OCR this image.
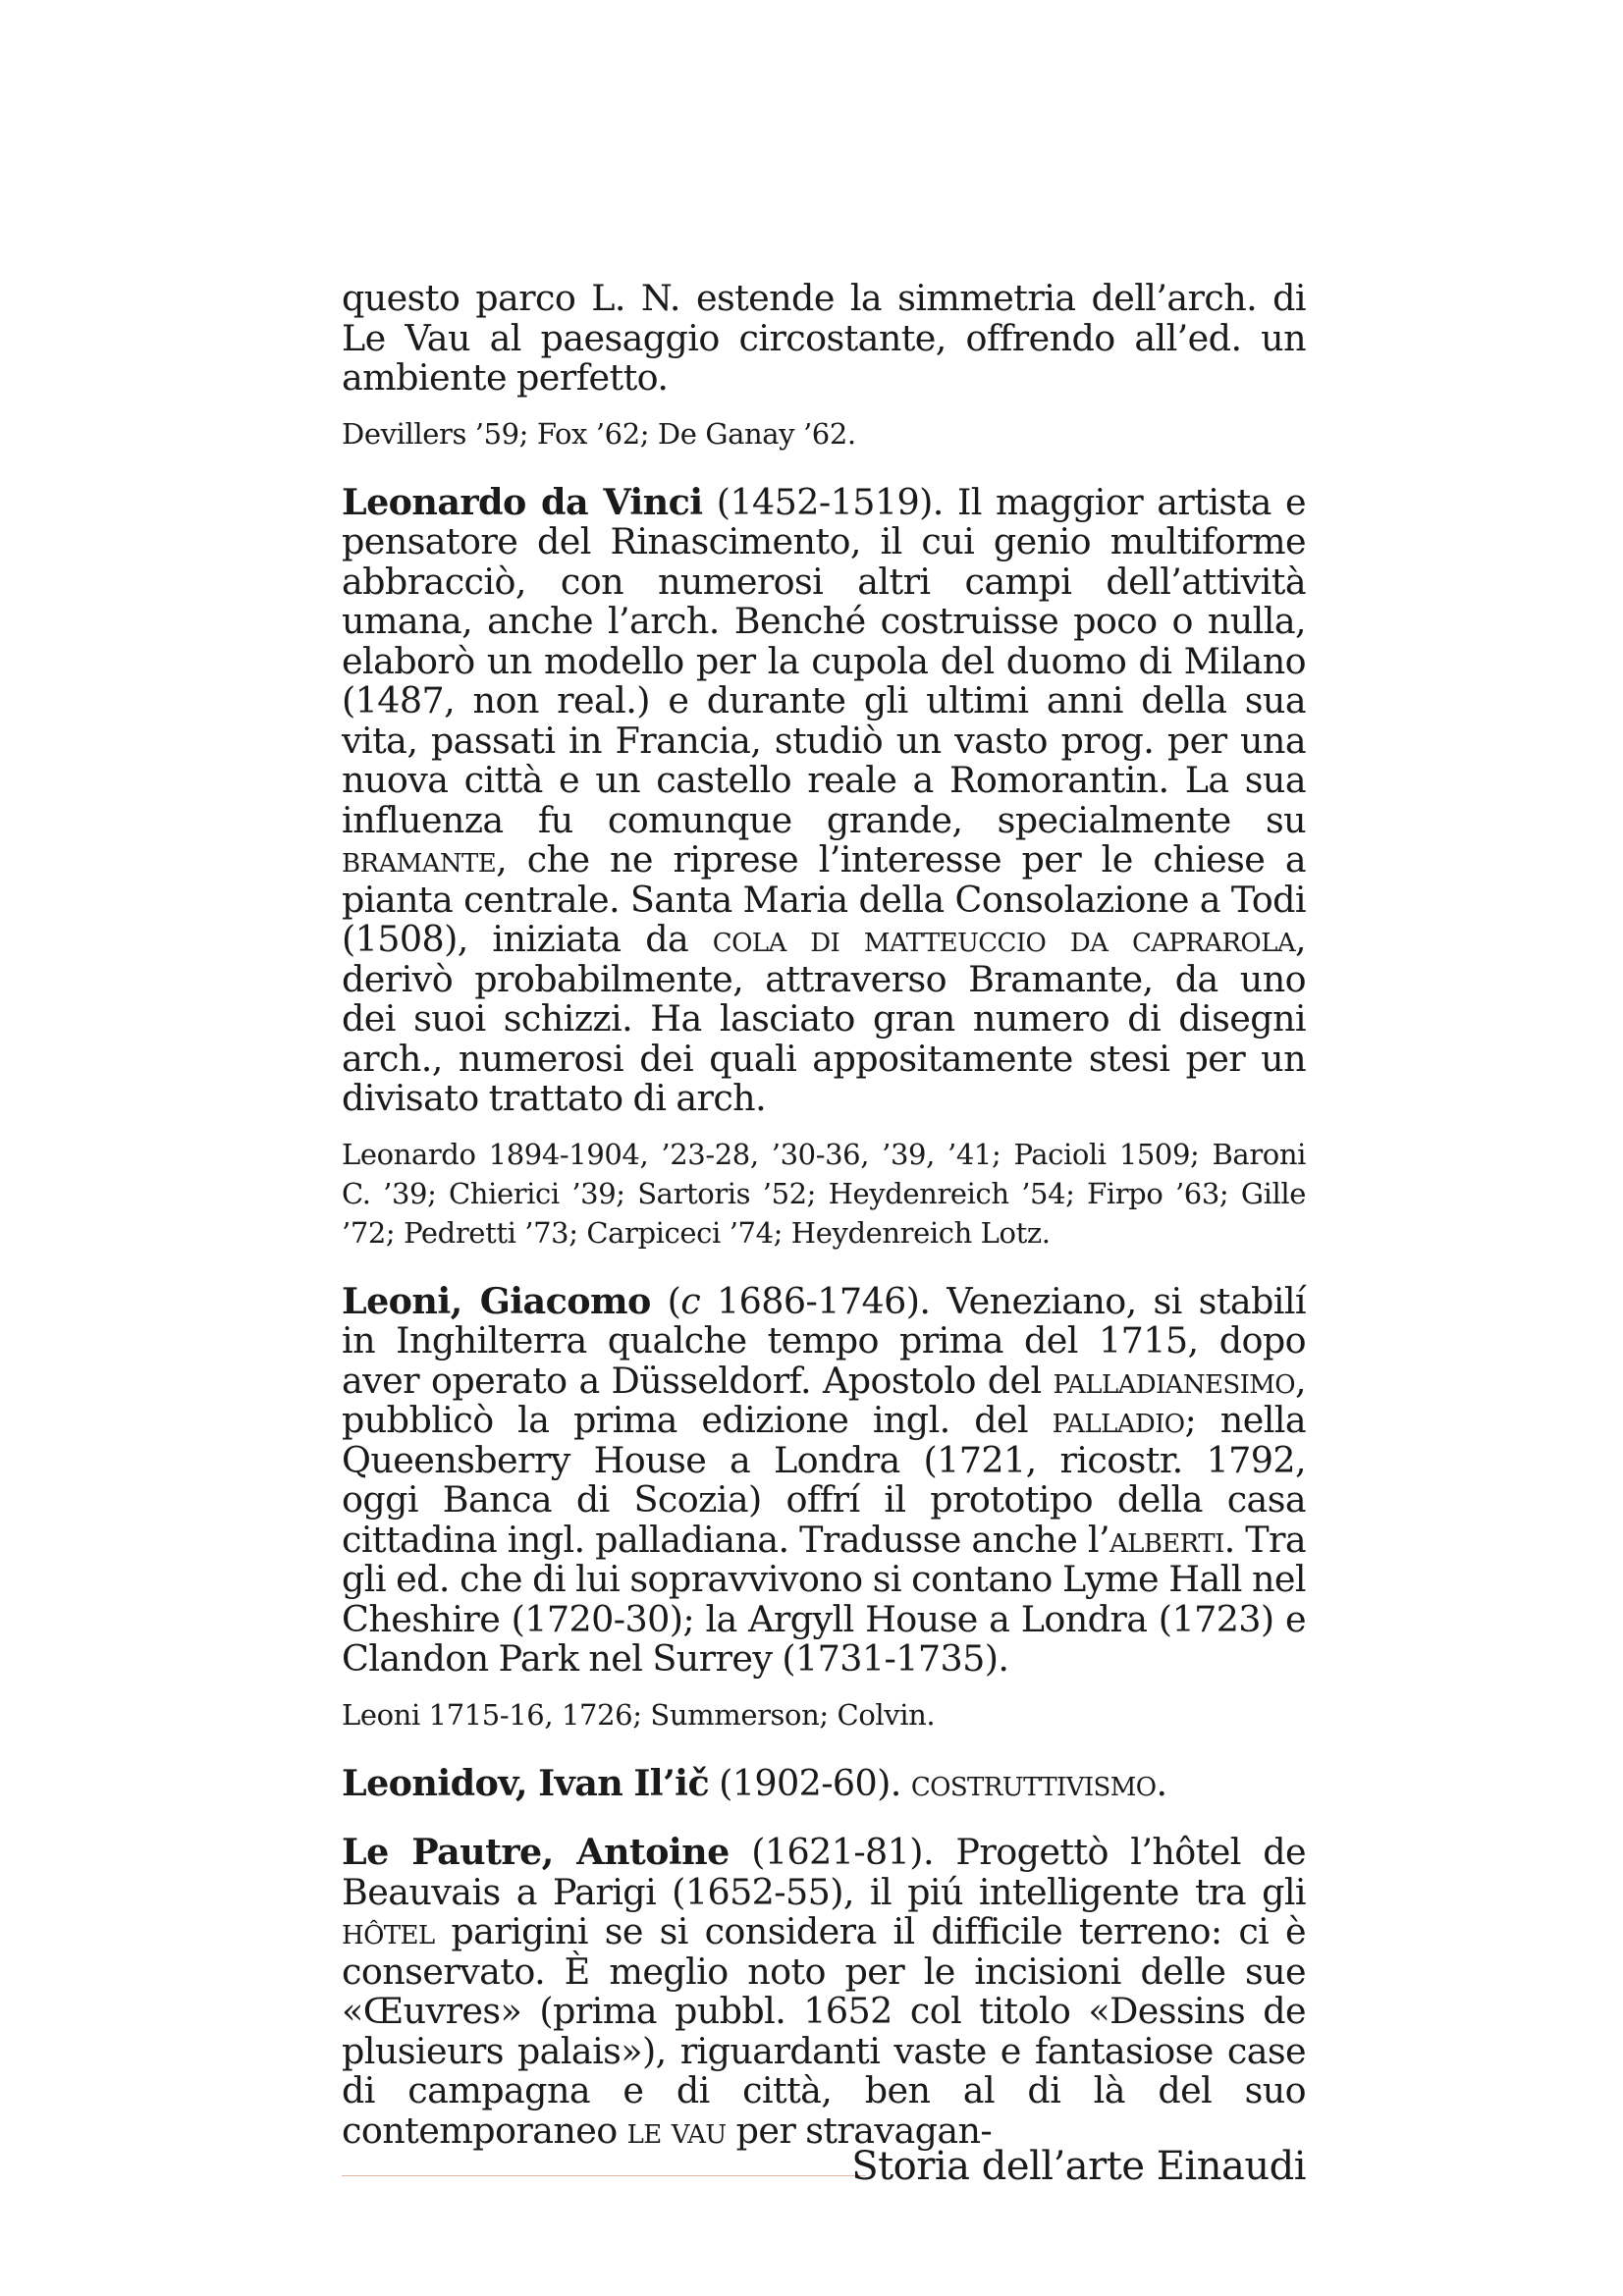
questo parco L. N. estende la simmetria dell’arch. di Le Vau al paesaggio circostante, offrendo all’ed. un ambiente perfetto.

Devillers ’59; Fox ’62; De Ganay ’62.

Leonardo da Vinci (1452-1519). Il maggior artista e pensatore del Rinascimento, il cui genio multiforme abbracciò, con numerosi altri campi dell’attività umana, anche l’arch. Benché costruisse poco o nulla, elaborò un modello per la cupola del duomo di Milano (1487, non real.) e durante gli ultimi anni della sua vita, passati in Francia, studiò un vasto prog. per una nuova città e un castello reale a Romorantin. La sua influenza fu comunque grande, specialmente su bramante, che ne riprese l’interesse per le chiese a pianta centrale. Santa Maria della Consolazione a Todi (1508), iniziata da cola di matteuccio da caprarola, derivò probabilmente, attraverso Bramante, da uno dei suoi schizzi. Ha lasciato gran numero di disegni arch., numerosi dei quali appositamente stesi per un divisato trattato di arch.

Leonardo 1894-1904, ’23-28, ’30-36, ’39, ’41; Pacioli 1509; Baroni C. ’39; Chierici ’39; Sartoris ’52; Heydenreich ’54; Firpo ’63; Gille ’72; Pedretti ’73; Carpiceci ’74; Heydenreich Lotz.

Leoni, Giacomo (c 1686-1746). Veneziano, si stabilí in Inghilterra qualche tempo prima del 1715, dopo aver operato a Düsseldorf. Apostolo del palladianesimo, pubblicò la prima edizione ingl. del palladio; nella Queensberry House a Londra (1721, ricostr. 1792, oggi Banca di Scozia) offrí il prototipo della casa cittadina ingl. palladiana. Tradusse anche l’alberti. Tra gli ed. che di lui sopravvivono si contano Lyme Hall nel Cheshire (1720-30); la Argyll House a Londra (1723) e Clandon Park nel Surrey (1731-1735).

Leoni 1715-16, 1726; Summerson; Colvin.

Leonidov, Ivan Il’ič (1902-60). costruttivismo.

Le Pautre, Antoine (1621-81). Progettò l’hôtel de Beauvais a Parigi (1652-55), il piú intelligente tra gli hôtel parigini se si considera il difficile terreno: ci è conservato. È meglio noto per le incisioni delle sue «Œuvres» (prima pubbl. 1652 col titolo «Dessins de plusieurs palais»), riguardanti vaste e fantasiose case di campagna e di città, ben al di là del suo contemporaneo le vau per stravagan-

Storia dell’arte Einaudi
